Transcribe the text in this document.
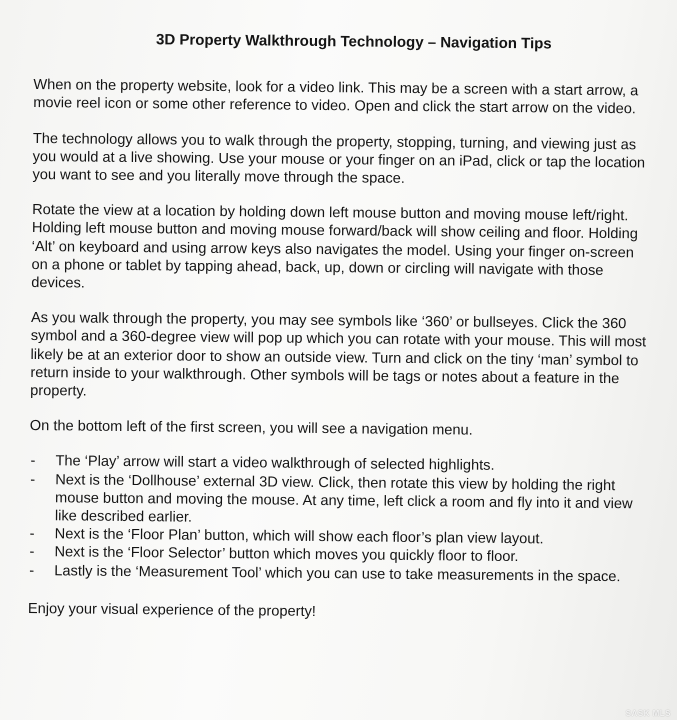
3D Property Walkthrough Technology – Navigation Tips

When on the property website, look for a video link. This may be a screen with a start arrow, a movie reel icon or some other reference to video. Open and click the start arrow on the video.

The technology allows you to walk through the property, stopping, turning, and viewing just as you would at a live showing. Use your mouse or your finger on an iPad, click or tap the location you want to see and you literally move through the space.

Rotate the view at a location by holding down left mouse button and moving mouse left/right. Holding left mouse button and moving mouse forward/back will show ceiling and floor. Holding ‘Alt’ on keyboard and using arrow keys also navigates the model. Using your finger on-screen on a phone or tablet by tapping ahead, back, up, down or circling will navigate with those devices.

As you walk through the property, you may see symbols like ‘360’ or bullseyes. Click the 360 symbol and a 360-degree view will pop up which you can rotate with your mouse. This will most likely be at an exterior door to show an outside view. Turn and click on the tiny ‘man’ symbol to return inside to your walkthrough. Other symbols will be tags or notes about a feature in the property.

On the bottom left of the first screen, you will see a navigation menu.

- The ‘Play’ arrow will start a video walkthrough of selected highlights.
- Next is the ‘Dollhouse’ external 3D view. Click, then rotate this view by holding the right mouse button and moving the mouse. At any time, left click a room and fly into it and view like described earlier.
- Next is the ‘Floor Plan’ button, which will show each floor’s plan view layout.
- Next is the ‘Floor Selector’ button which moves you quickly floor to floor.
- Lastly is the ‘Measurement Tool’ which you can use to take measurements in the space.

Enjoy your visual experience of the property!

SASK MLS
